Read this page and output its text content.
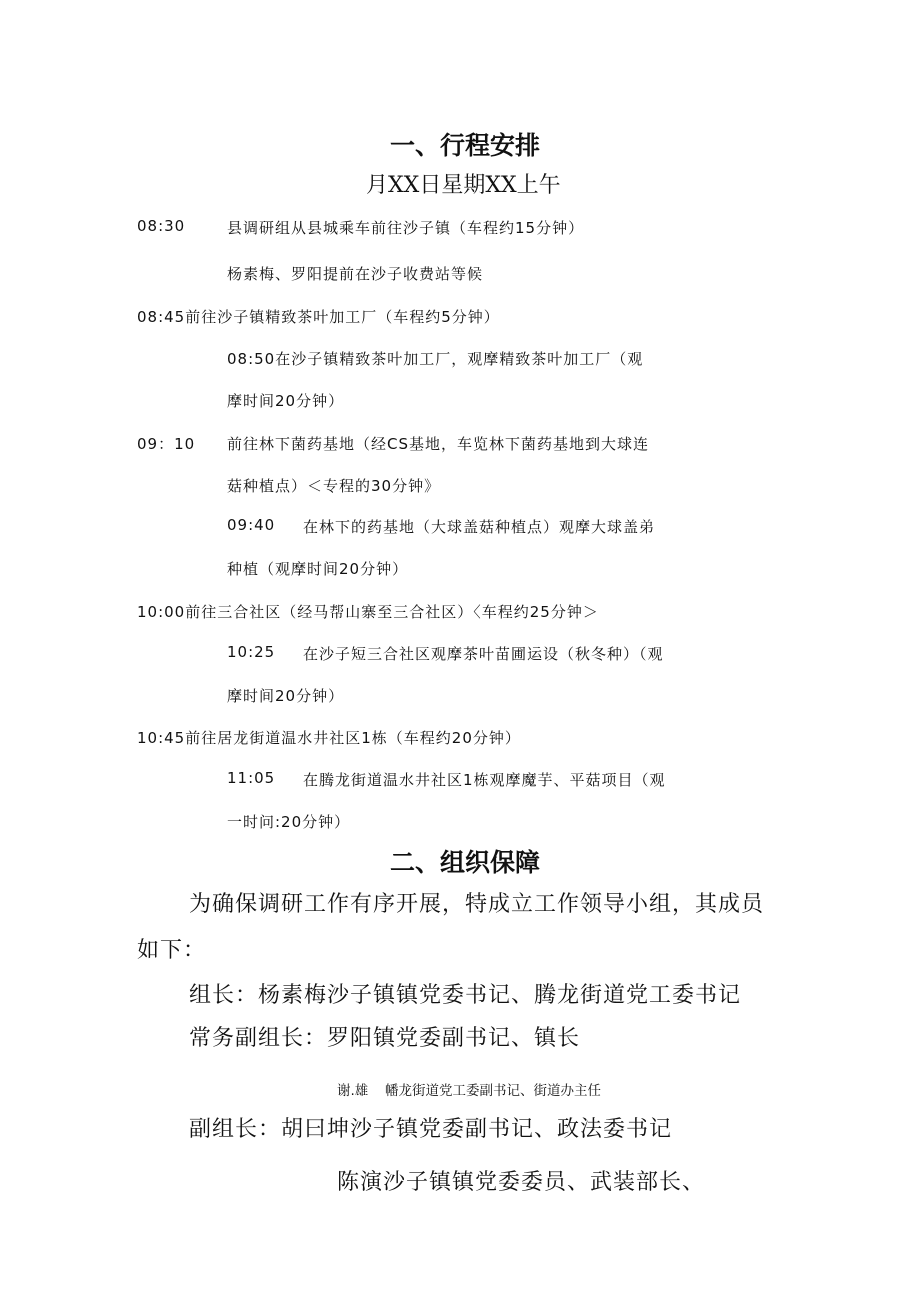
一、行程安排
月XX日星期XX上午
08:30	县调研组从县城乘车前往沙子镇（车程约15分钟）
杨素梅、罗阳提前在沙子收费站等候
08:45前往沙子镇精致茶叶加工厂（车程约5分钟）
08:50在沙子镇精致茶叶加工厂，观摩精致茶叶加工厂（观
摩时间20分钟）
09：10 前往林下菌药基地（经CS基地，车览林下菌药基地到大球连
菇种植点）＜专程的30分钟》
09:40 在林下的药基地（大球盖菇种植点）观摩大球盖弟
种植（观摩时间20分钟）
10:00前往三合社区（经马帮山寨至三合社区）〈车程约25分钟＞
10:25 在沙子短三合社区观摩茶叶苗圃运设（秋冬种）（观
摩时间20分钟）
10:45前往居龙街道温水井社区1栋（车程约20分钟）
11:05 在腾龙街道温水井社区1栋观摩魔芋、平菇项目（观
一时问:20分钟）
二、组织保障
为确保调研工作有序开展，特成立工作领导小组，其成员
如下：
组长：杨素梅沙子镇镇党委书记、腾龙街道党工委书记
常务副组长：罗阳镇党委副书记、镇长
谢.雄 幡龙街道党工委副书记、街道办主任
副组长：胡曰坤沙子镇党委副书记、政法委书记
陈演沙子镇镇党委委员、武装部长、
